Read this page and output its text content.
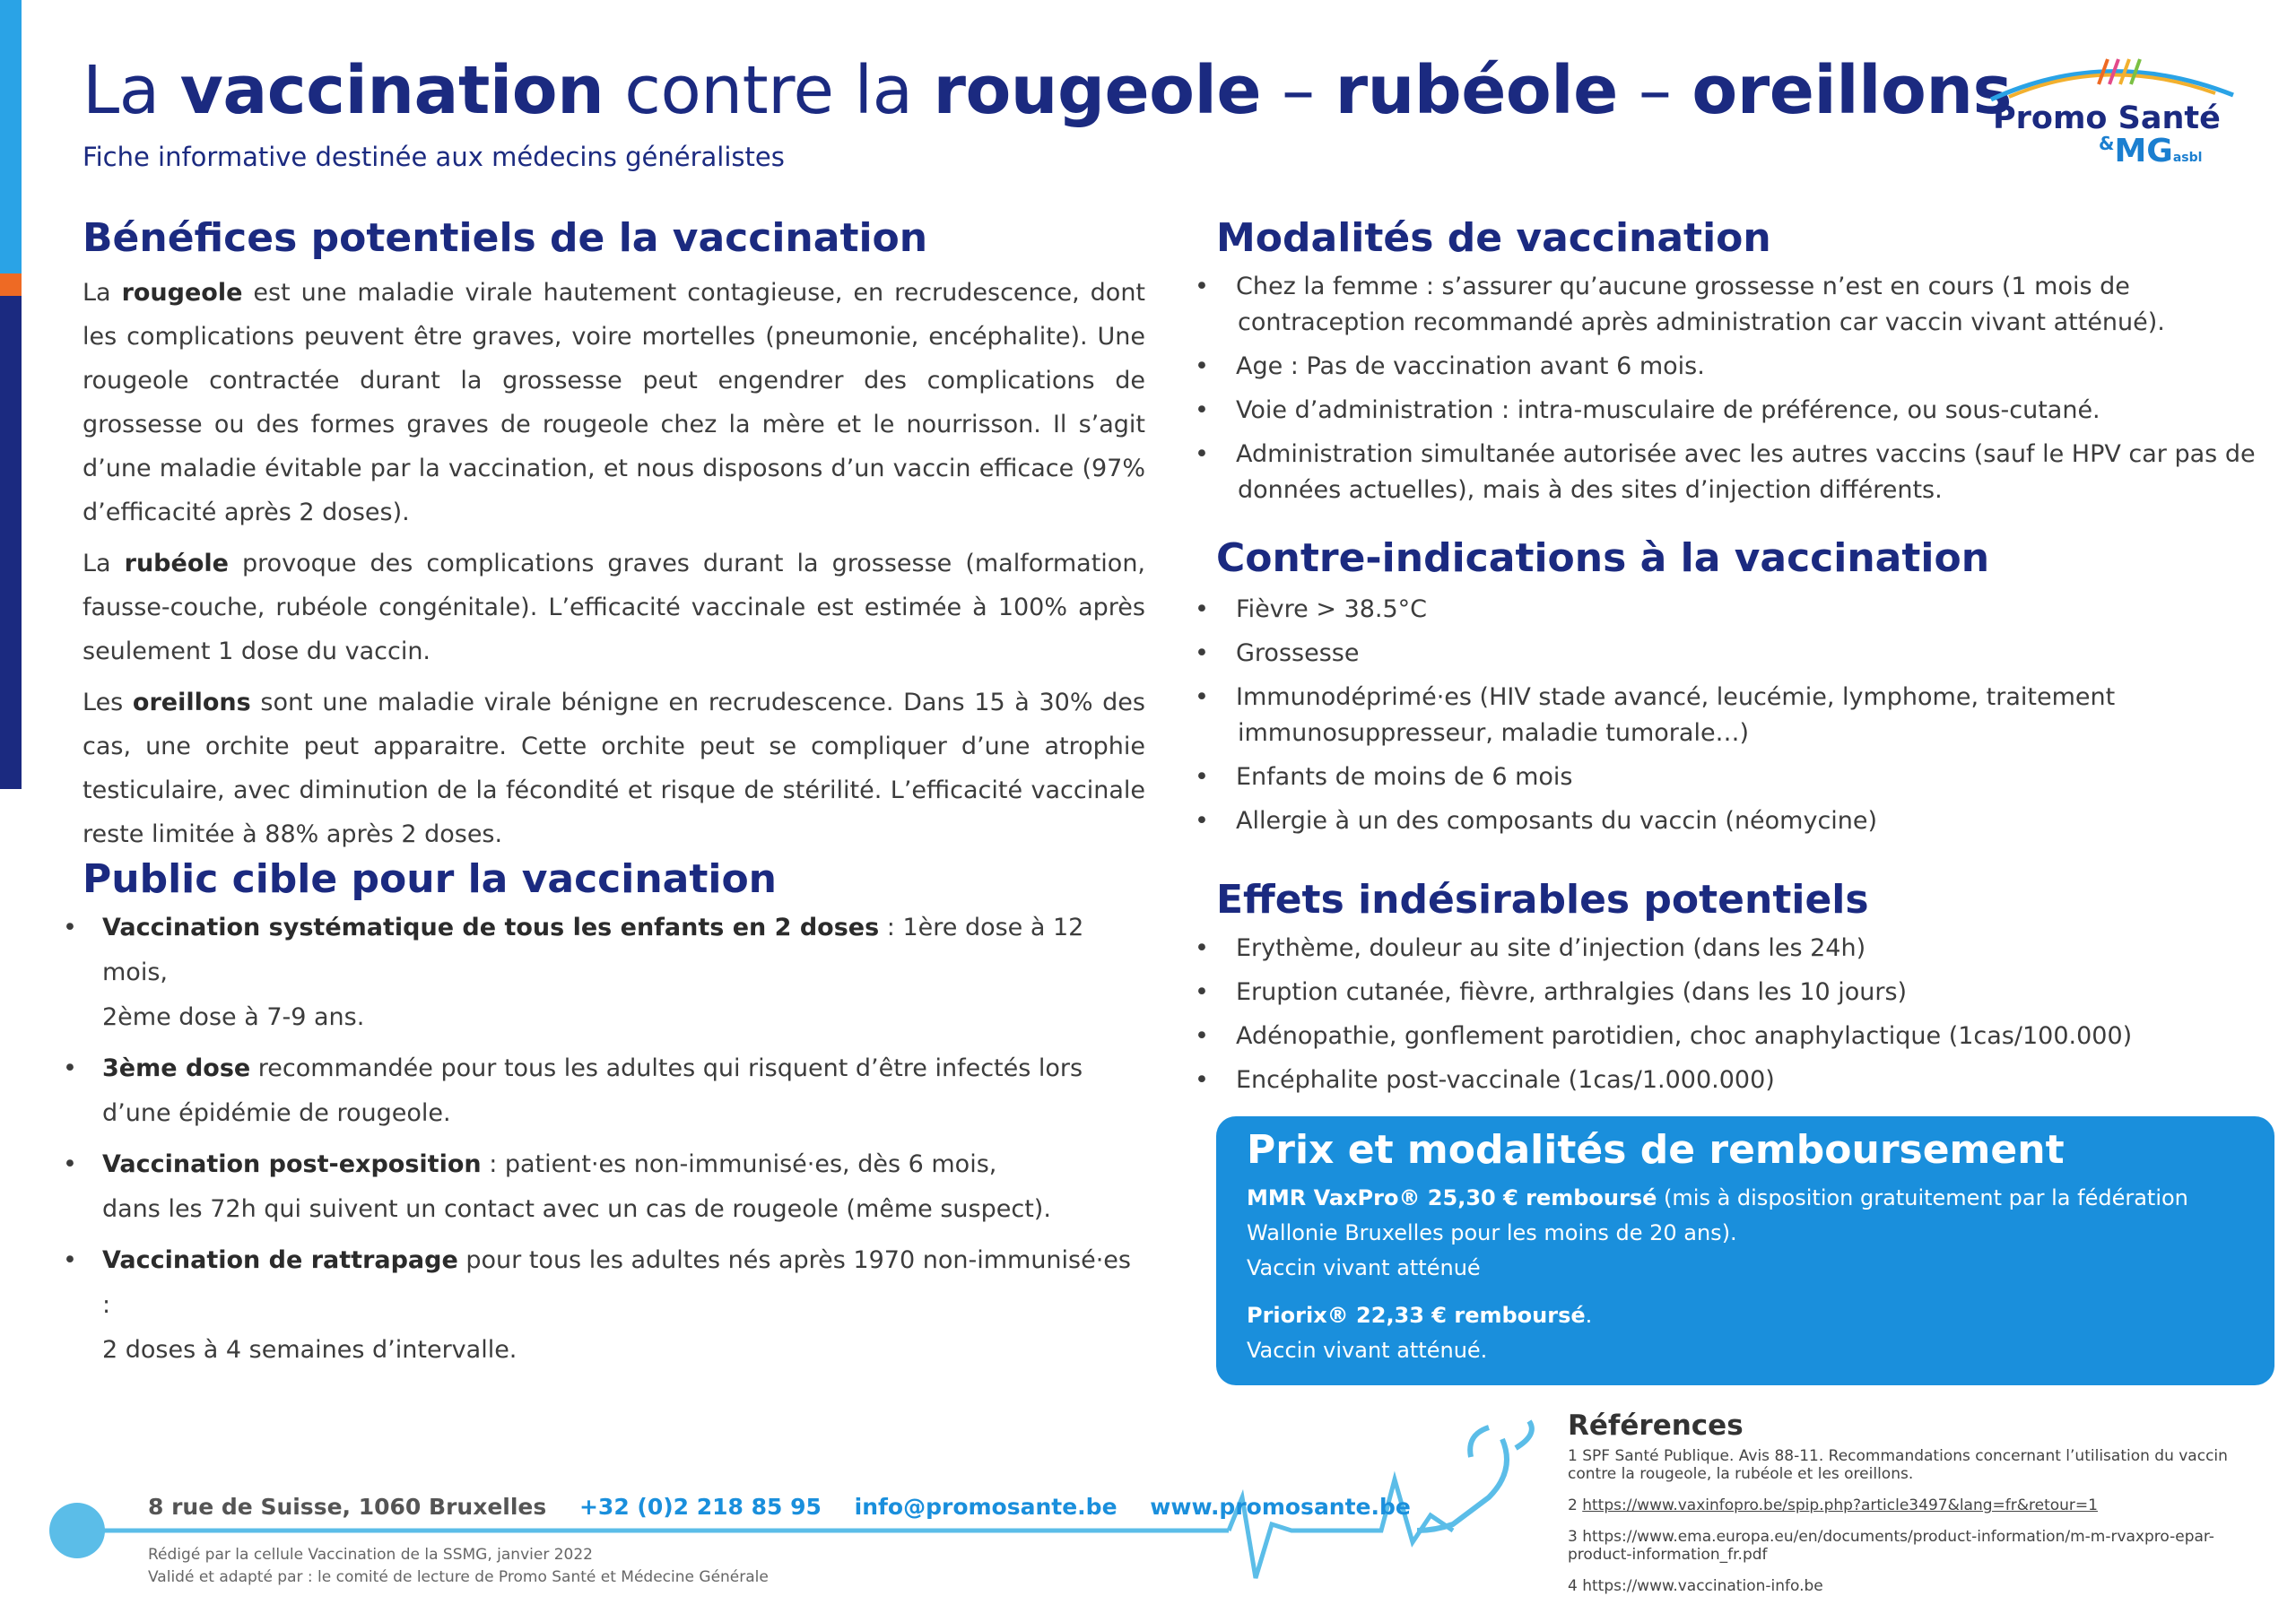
La vaccination contre la rougeole – rubéole – oreillons
Fiche informative destinée aux médecins généralistes
Promo Santé
&MGasbl
Bénéfices potentiels de la vaccination

La rougeole est une maladie virale hautement contagieuse, en recrudescence, dont les complications peuvent être graves, voire mortelles (pneumonie, encéphalite). Une rougeole contractée durant la grossesse peut engendrer des complications de grossesse ou des formes graves de rougeole chez la mère et le nourrisson. Il s’agit d’une maladie évitable par la vaccination, et nous disposons d’un vaccin efficace (97% d’efficacité après 2 doses).

La rubéole provoque des complications graves durant la grossesse (malformation, fausse-couche, rubéole congénitale). L’efficacité vaccinale est estimée à 100% après seulement 1 dose du vaccin.

Les oreillons sont une maladie virale bénigne en recrudescence. Dans 15 à 30% des cas, une orchite peut apparaitre. Cette orchite peut se compliquer d’une atrophie testiculaire, avec diminution de la fécondité et risque de stérilité. L’efficacité vaccinale reste limitée à 88% après 2 doses.

Public cible pour la vaccination
• Vaccination systématique de tous les enfants en 2 doses : 1ère dose à 12 mois,
2ème dose à 7-9 ans.
• 3ème dose recommandée pour tous les adultes qui risquent d’être infectés lors d’une épidémie de rougeole.
• Vaccination post-exposition : patient·es non-immunisé·es, dès 6 mois,
dans les 72h qui suivent un contact avec un cas de rougeole (même suspect).
• Vaccination de rattrapage pour tous les adultes nés après 1970 non-immunisé·es :
2 doses à 4 semaines d’intervalle.
Modalités de vaccination
• Chez la femme : s’assurer qu’aucune grossesse n’est en cours (1 mois de contraception recommandé après administration car vaccin vivant atténué).
• Age : Pas de vaccination avant 6 mois.
• Voie d’administration : intra-musculaire de préférence, ou sous-cutané.
• Administration simultanée autorisée avec les autres vaccins (sauf le HPV car pas de données actuelles), mais à des sites d’injection différents.
Contre-indications à la vaccination
• Fièvre > 38.5°C
• Grossesse
• Immunodéprimé·es (HIV stade avancé, leucémie, lymphome, traitement immunosuppresseur, maladie tumorale…)
• Enfants de moins de 6 mois
• Allergie à un des composants du vaccin (néomycine)
Effets indésirables potentiels
• Erythème, douleur au site d’injection (dans les 24h)
• Eruption cutanée, fièvre, arthralgies (dans les 10 jours)
• Adénopathie, gonflement parotidien, choc anaphylactique (1cas/100.000)
• Encéphalite post-vaccinale (1cas/1.000.000)
Prix et modalités de remboursement

MMR VaxPro® 25,30 € remboursé (mis à disposition gratuitement par la fédération Wallonie Bruxelles pour les moins de 20 ans).
Vaccin vivant atténué

Priorix® 22,33 € remboursé.
Vaccin vivant atténué.

Références
1 SPF Santé Publique. Avis 88-11. Recommandations concernant l’utilisation du vaccin contre la rougeole, la rubéole et les oreillons.
2 https://www.vaxinfopro.be/spip.php?article3497&lang=fr&retour=1
3 https://www.ema.europa.eu/en/documents/product-information/m-m-rvaxpro-epar-product-information_fr.pdf
4 https://www.vaccination-info.be
8 rue de Suisse, 1060 Bruxelles +32 (0)2 218 85 95 info@promosante.be www.promosante.be
Rédigé par la cellule Vaccination de la SSMG, janvier 2022
Validé et adapté par : le comité de lecture de Promo Santé et Médecine Générale
